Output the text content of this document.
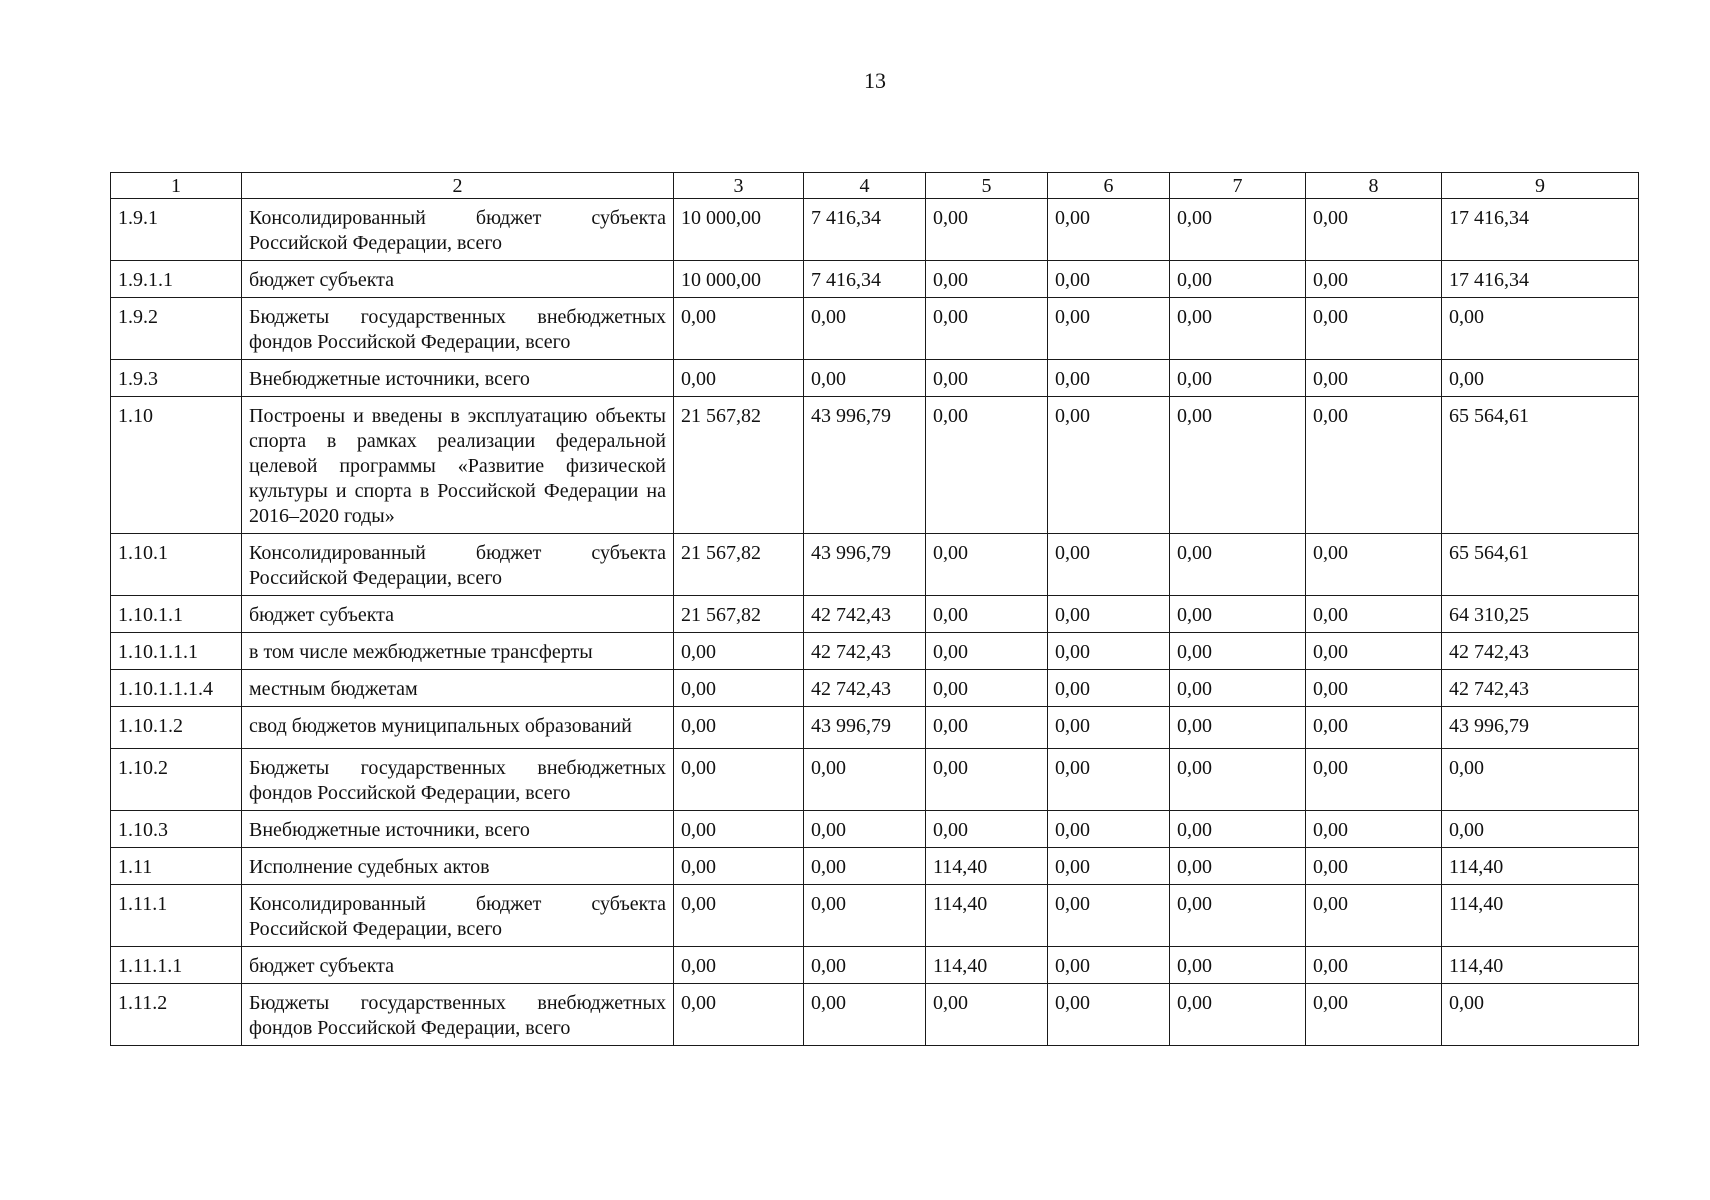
13
1	2	3	4	5	6	7	8	9
1.9.1	Консолидированный бюджет субъекта Российской Федерации, всего	10 000,00	7 416,34	0,00	0,00	0,00	0,00	17 416,34
1.9.1.1	бюджет субъекта	10 000,00	7 416,34	0,00	0,00	0,00	0,00	17 416,34
1.9.2	Бюджеты государственных внебюджетных фондов Российской Федерации, всего	0,00	0,00	0,00	0,00	0,00	0,00	0,00
1.9.3	Внебюджетные источники, всего	0,00	0,00	0,00	0,00	0,00	0,00	0,00
1.10	Построены и введены в эксплуатацию объекты спорта в рамках реализации федеральной целевой программы «Развитие физической культуры и спорта в Российской Федерации на 2016–2020 годы»	21 567,82	43 996,79	0,00	0,00	0,00	0,00	65 564,61
1.10.1	Консолидированный бюджет субъекта Российской Федерации, всего	21 567,82	43 996,79	0,00	0,00	0,00	0,00	65 564,61
1.10.1.1	бюджет субъекта	21 567,82	42 742,43	0,00	0,00	0,00	0,00	64 310,25
1.10.1.1.1	в том числе межбюджетные трансферты	0,00	42 742,43	0,00	0,00	0,00	0,00	42 742,43
1.10.1.1.1.4	местным бюджетам	0,00	42 742,43	0,00	0,00	0,00	0,00	42 742,43
1.10.1.2	свод бюджетов муниципальных образований	0,00	43 996,79	0,00	0,00	0,00	0,00	43 996,79
1.10.2	Бюджеты государственных внебюджетных фондов Российской Федерации, всего	0,00	0,00	0,00	0,00	0,00	0,00	0,00
1.10.3	Внебюджетные источники, всего	0,00	0,00	0,00	0,00	0,00	0,00	0,00
1.11	Исполнение судебных актов	0,00	0,00	114,40	0,00	0,00	0,00	114,40
1.11.1	Консолидированный бюджет субъекта Российской Федерации, всего	0,00	0,00	114,40	0,00	0,00	0,00	114,40
1.11.1.1	бюджет субъекта	0,00	0,00	114,40	0,00	0,00	0,00	114,40
1.11.2	Бюджеты государственных внебюджетных фондов Российской Федерации, всего	0,00	0,00	0,00	0,00	0,00	0,00	0,00
